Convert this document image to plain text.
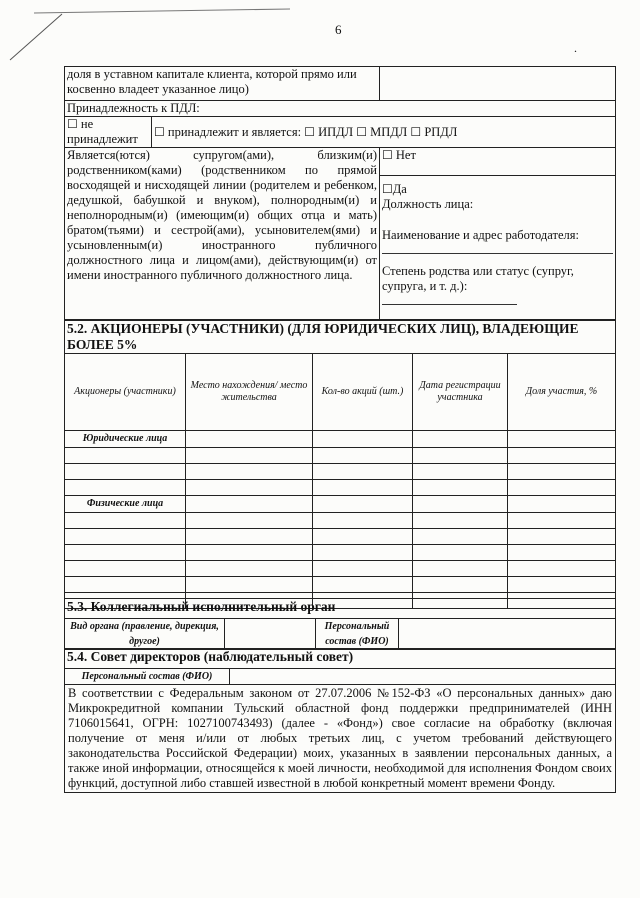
6
.
доля в уставном капитале клиента, которой прямо или косвенно владеет указанное лицо)	
Принадлежность к ПДЛ:

☐ не принадлежит	☐ принадлежит и является: ☐ ИПДЛ ☐ МПДЛ ☐ РПДЛ

Является(ются) супругом(ами), близким(и) родственником(ками) (родственником по прямой восходящей и нисходящей линии (родителем и ребенком, дедушкой, бабушкой и внуком), полнородным(и) и неполнородным(и) (имеющим(и) общих отца и мать) братом(тьями) и сестрой(ами), усыновителем(ями) и усыновленным(и) иностранного публичного должностного лица и лицом(ами), действующим(и) от имени иностранного публичного должностного лица.	
☐ Нет
☐Да
Должность лица:
Наименование и адрес работодателя:
Степень родства или статус (супруг, супруга, и т. д.):
5.2. АКЦИОНЕРЫ (УЧАСТНИКИ) (ДЛЯ ЮРИДИЧЕСКИХ ЛИЦ), ВЛАДЕЮЩИЕ БОЛЕЕ 5%				
Акционеры (участники)	Место нахождения/ место жительства	Кол-во акций (шт.)	Дата регистрации участника	Доля участия, %
Юридические лица				

Физические лица				

5.3. Коллегиальный исполнительный орган
Вид органа (правление, дирекция, другое)		Персональный состав (ФИО)	
5.4. Совет директоров (наблюдательный совет)
Персональный состав (ФИО)	
В соответствии с Федеральным законом от 27.07.2006 №152-ФЗ «О персональных данных» даю Микрокредитной компании Тульский областной фонд поддержки предпринимателей (ИНН 7106015641, ОГРН: 1027100743493) (далее - «Фонд») свое согласие на обработку (включая получение от меня и/или от любых третьих лиц, с учетом требований действующего законодательства Российской Федерации) моих, указанных в заявлении персональных данных, а также иной информации, относящейся к моей личности, необходимой для исполнения Фондом своих функций, доступной либо ставшей известной в любой конкретный момент времени Фонду.
